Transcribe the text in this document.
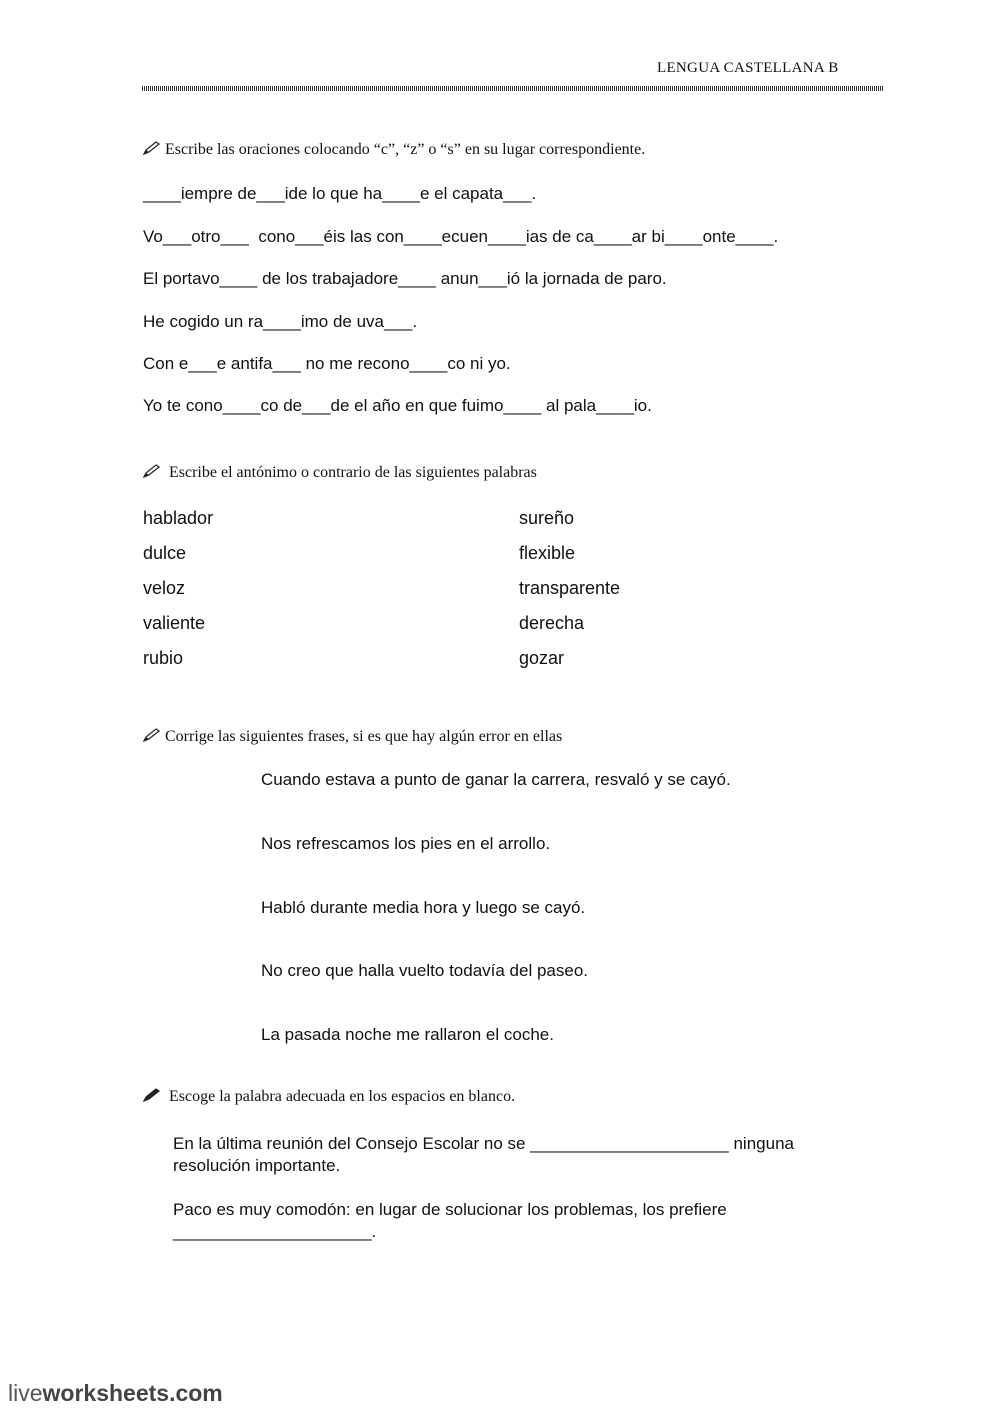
LENGUA CASTELLANA B
Escribe las oraciones colocando “c”, “z” o “s” en su lugar correspondiente.
____iempre de___ide lo que ha____e el capata___.
Vo___otro___  cono___éis las con____ecuen____ias de ca____ar bi____onte____.
El portavo____ de los trabajadore____ anun___ió la jornada de paro.
He cogido un ra____imo de uva___.
Con e___e antifa___ no me recono____co ni yo.
Yo te cono____co de___de el año en que fuimo____ al pala____io.
Escribe el antónimo o contrario de las siguientes palabras
hablador
dulce
veloz
valiente
rubio
sureño
flexible
transparente
derecha
gozar
Corrige las siguientes frases, si es que hay algún error en ellas
Cuando estava a punto de ganar la carrera, resvaló y se cayó.
Nos refrescamos los pies en el arrollo.
Habló durante media hora y luego se cayó.
No creo que halla vuelto todavía del paseo.
La pasada noche me rallaron el coche.
Escoge la palabra adecuada en los espacios en blanco.
En la última reunión del Consejo Escolar no se _____________________ ninguna resolución importante.
Paco es muy comodón: en lugar de solucionar los problemas, los prefiere _____________________.
liveworksheets.com
